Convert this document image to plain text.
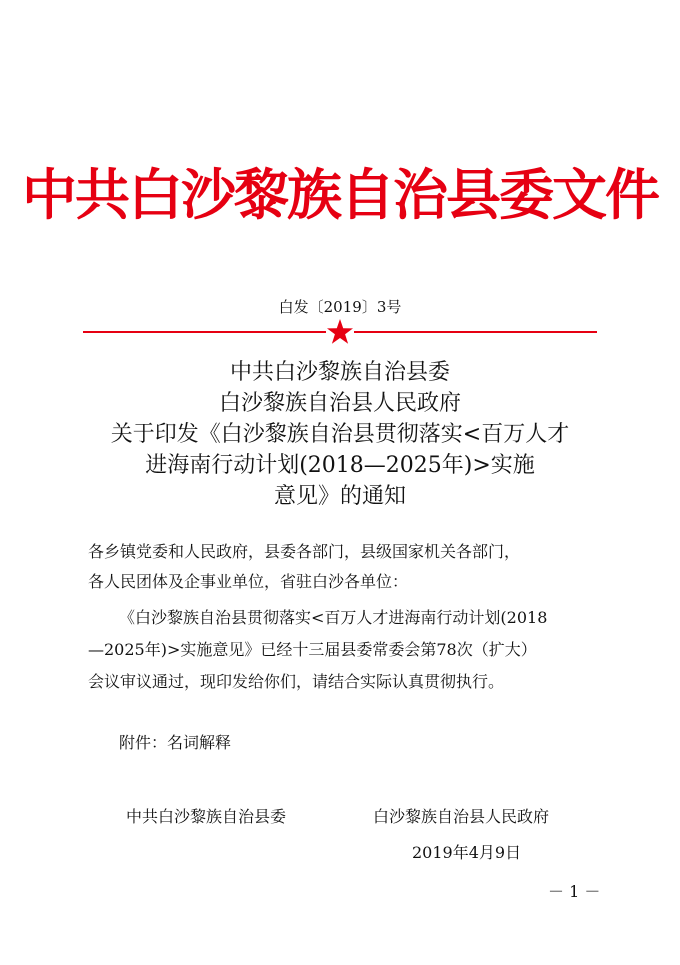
中共白沙黎族自治县委文件
白发〔2019〕3号
中共白沙黎族自治县委
白沙黎族自治县人民政府
关于印发《白沙黎族自治县贯彻落实<百万人才
进海南行动计划(2018—2025年)>实施
意见》的通知
各乡镇党委和人民政府，县委各部门，县级国家机关各部门，
各人民团体及企事业单位，省驻白沙各单位：
《白沙黎族自治县贯彻落实<百万人才进海南行动计划(2018
—2025年)>实施意见》已经十三届县委常委会第78次（扩大）
会议审议通过，现印发给你们，请结合实际认真贯彻执行。
附件：名词解释
中共白沙黎族自治县委	白沙黎族自治县人民政府
2019年4月9日
－ 1 －
